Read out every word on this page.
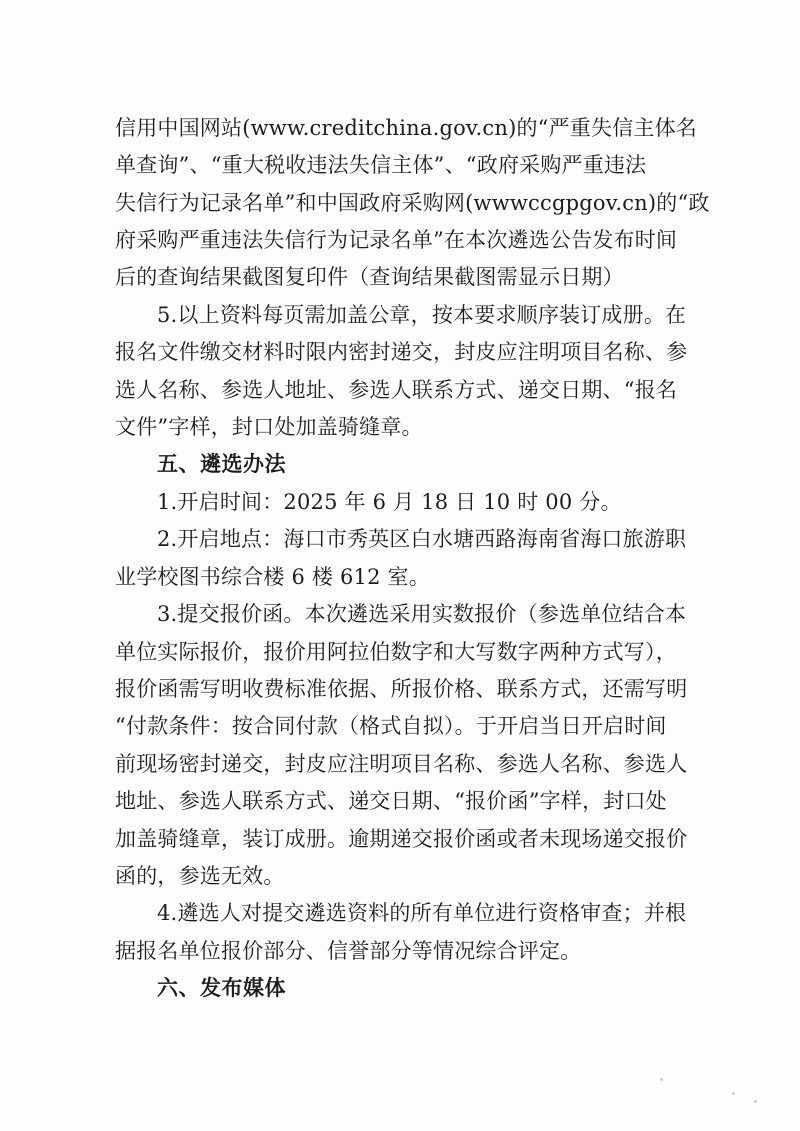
信用中国网站(www.creditchina.gov.cn)的“严重失信主体名
单查询”、“重大税收违法失信主体”、“政府采购严重违法
失信行为记录名单”和中国政府采购网(wwwccgpgov.cn)的“政
府采购严重违法失信行为记录名单”在本次遴选公告发布时间
后的查询结果截图复印件（查询结果截图需显示日期）
5.以上资料每页需加盖公章，按本要求顺序装订成册。在
报名文件缴交材料时限内密封递交，封皮应注明项目名称、参
选人名称、参选人地址、参选人联系方式、递交日期、“报名
文件”字样，封口处加盖骑缝章。
五、遴选办法
1.开启时间：2025 年 6 月 18 日 10 时 00 分。
2.开启地点：海口市秀英区白水塘西路海南省海口旅游职
业学校图书综合楼 6 楼 612 室。
3.提交报价函。本次遴选采用实数报价（参选单位结合本
单位实际报价，报价用阿拉伯数字和大写数字两种方式写），
报价函需写明收费标准依据、所报价格、联系方式，还需写明
“付款条件：按合同付款（格式自拟）。于开启当日开启时间
前现场密封递交，封皮应注明项目名称、参选人名称、参选人
地址、参选人联系方式、递交日期、“报价函”字样，封口处
加盖骑缝章，装订成册。逾期递交报价函或者未现场递交报价
函的，参选无效。
4.遴选人对提交遴选资料的所有单位进行资格审查；并根
据报名单位报价部分、信誉部分等情况综合评定。
六、发布媒体
